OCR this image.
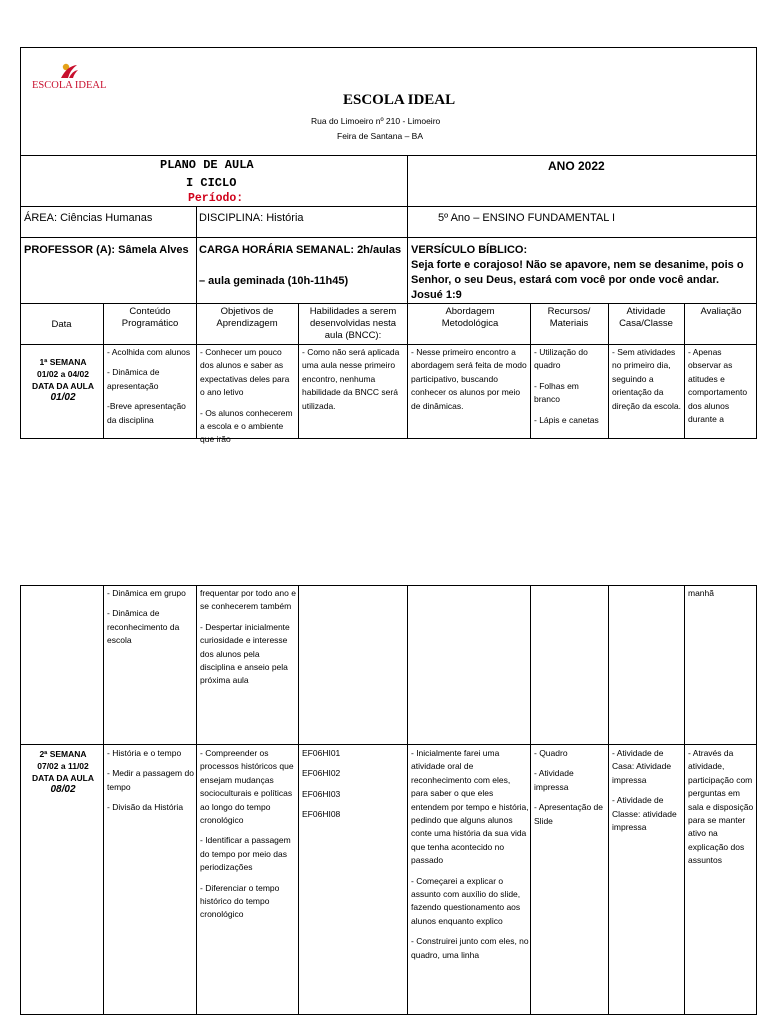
ESCOLA IDEAL
ESCOLA IDEAL
Rua do Limoeiro nº 210 - Limoeiro
Feira de Santana – BA
PLANO DE AULA
I CICLO
Período:
ANO 2022
ÁREA: Ciências Humanas	DISCIPLINA: História	5º Ano – ENSINO FUNDAMENTAL I
PROFESSOR (A): Sâmela Alves CARGA HORÁRIA SEMANAL: 2h/aulas
– aula geminada (10h-11h45)
VERSÍCULO BÍBLICO:
Seja forte e corajoso! Não se apavore, nem se desanime, pois o
Senhor, o seu Deus, estará com você por onde você andar.
Josué 1:9
Data
Conteúdo Programático
Objetivos de Aprendizagem
Habilidades a serem desenvolvidas nesta aula (BNCC):
Abordagem Metodológica
Recursos/ Materiais
Atividade Casa/Classe
Avaliação
1ª SEMANA
01/02 a 04/02
DATA DA AULA
01/02

- Acolhida com alunos

- Dinâmica de apresentação

-Breve apresentação da disciplina

- Conhecer um pouco dos alunos e saber as expectativas deles para o ano letivo

- Os alunos conhecerem a escola e o ambiente que irão

- Como não será aplicada uma aula nesse primeiro encontro, nenhuma habilidade da BNCC será utilizada.

- Nesse primeiro encontro a abordagem será feita de modo participativo, buscando conhecer os alunos por meio de dinâmicas.

- Utilização do quadro

- Folhas em branco

- Lápis e canetas

- Sem atividades no primeiro dia, seguindo a orientação da direção da escola.

- Apenas observar as atitudes e comportamento dos alunos durante a

- Dinâmica em grupo

- Dinâmica de reconhecimento da escola

frequentar por todo ano e se conhecerem também

- Despertar inicialmente curiosidade e interesse dos alunos pela disciplina e anseio pela próxima aula

manhã

2ª SEMANA
07/02 a 11/02
DATA DA AULA
08/02

- História e o tempo

- Medir a passagem do tempo

- Divisão da História

- Compreender os processos históricos que ensejam mudanças socioculturais e políticas ao longo do tempo cronológico

- Identificar a passagem do tempo por meio das periodizações

- Diferenciar o tempo histórico do tempo cronológico

EF06HI01

EF06HI02

EF06HI03

EF06HI08

- Inicialmente farei uma atividade oral de reconhecimento com eles, para saber o que eles entendem por tempo e história, pedindo que alguns alunos conte uma história da sua vida que tenha acontecido no passado

- Começarei a explicar o assunto com auxílio do slide, fazendo questionamento aos alunos enquanto explico

- Construirei junto com eles, no quadro, uma linha

- Quadro

- Atividade impressa

- Apresentação de Slide

- Atividade de Casa: Atividade impressa

- Atividade de Classe: atividade impressa

- Através da atividade, participação com perguntas em sala e disposição para se manter ativo na explicação dos assuntos
